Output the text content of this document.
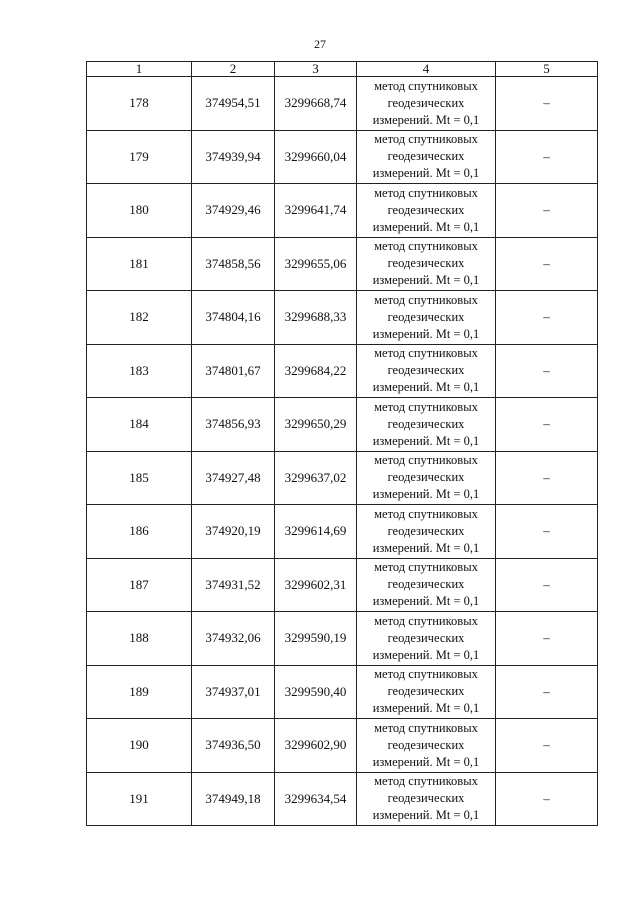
27
1	2	3	4	5
178	374954,51	3299668,74	метод спутниковых
геодезических
измерений. Mt = 0,1	–
179	374939,94	3299660,04	метод спутниковых
геодезических
измерений. Mt = 0,1	–
180	374929,46	3299641,74	метод спутниковых
геодезических
измерений. Mt = 0,1	–
181	374858,56	3299655,06	метод спутниковых
геодезических
измерений. Mt = 0,1	–
182	374804,16	3299688,33	метод спутниковых
геодезических
измерений. Mt = 0,1	–
183	374801,67	3299684,22	метод спутниковых
геодезических
измерений. Mt = 0,1	–
184	374856,93	3299650,29	метод спутниковых
геодезических
измерений. Mt = 0,1	–
185	374927,48	3299637,02	метод спутниковых
геодезических
измерений. Mt = 0,1	–
186	374920,19	3299614,69	метод спутниковых
геодезических
измерений. Mt = 0,1	–
187	374931,52	3299602,31	метод спутниковых
геодезических
измерений. Mt = 0,1	–
188	374932,06	3299590,19	метод спутниковых
геодезических
измерений. Mt = 0,1	–
189	374937,01	3299590,40	метод спутниковых
геодезических
измерений. Mt = 0,1	–
190	374936,50	3299602,90	метод спутниковых
геодезических
измерений. Mt = 0,1	–
191	374949,18	3299634,54	метод спутниковых
геодезических
измерений. Mt = 0,1	–
